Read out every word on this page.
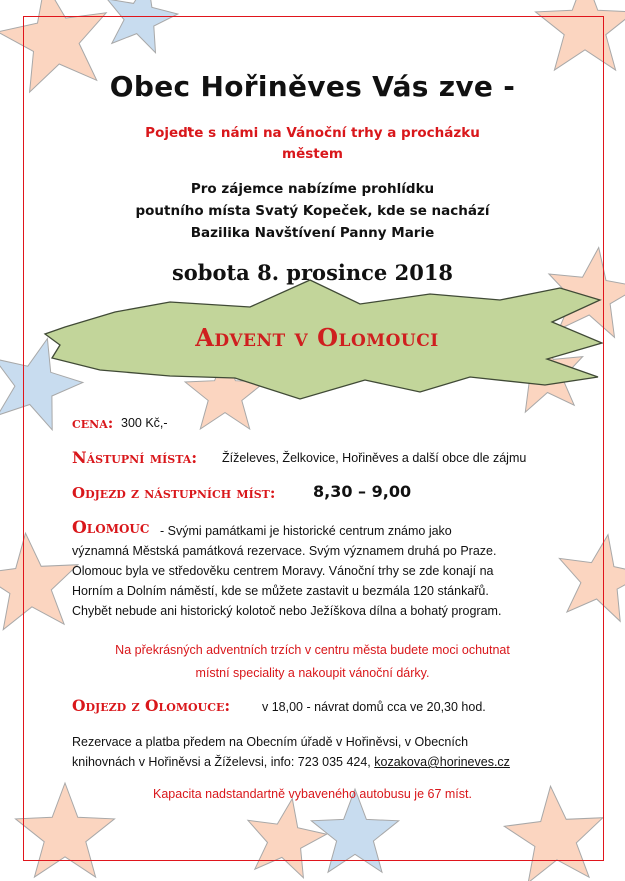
Obec Hořiněves Vás zve -

Pojeďte s námi na Vánoční trhy a procházku

městem

Pro zájemce nabízíme prohlídku

poutního místa Svatý Kopeček, kde se nachází

Bazilika Navštívení Panny Marie

sobota 8. prosince 2018

Advent v Olomouci

cena: 300 Kč,-
Nástupní místa: Žíželeves, Želkovice, Hořiněves a další obce dle zájmu
Odjezd z nástupních míst: 8,30 – 9,00
Olomouc - Svými památkami je historické centrum známo jako
významná Městská památková rezervace. Svým významem druhá po Praze.
Olomouc byla ve středověku centrem Moravy. Vánoční trhy se zde konají na
Horním a Dolním náměstí, kde se můžete zastavit u bezmála 120 stánkařů.
Chybět nebude ani historický kolotoč nebo Ježíškova dílna a bohatý program.

Na překrásných adventních trzích v centru města budete moci ochutnat

místní speciality a nakoupit vánoční dárky.

Odjezd z Olomouce:	v 18,00 - návrat domů cca ve 20,30 hod.
Rezervace a platba předem na Obecním úřadě v Hořiněvsi, v Obecních
knihovnách v Hořiněvsi a Žíželevsi, info: 723 035 424, kozakova@horineves.cz

Kapacita nadstandartně vybaveného autobusu je 67 míst.
